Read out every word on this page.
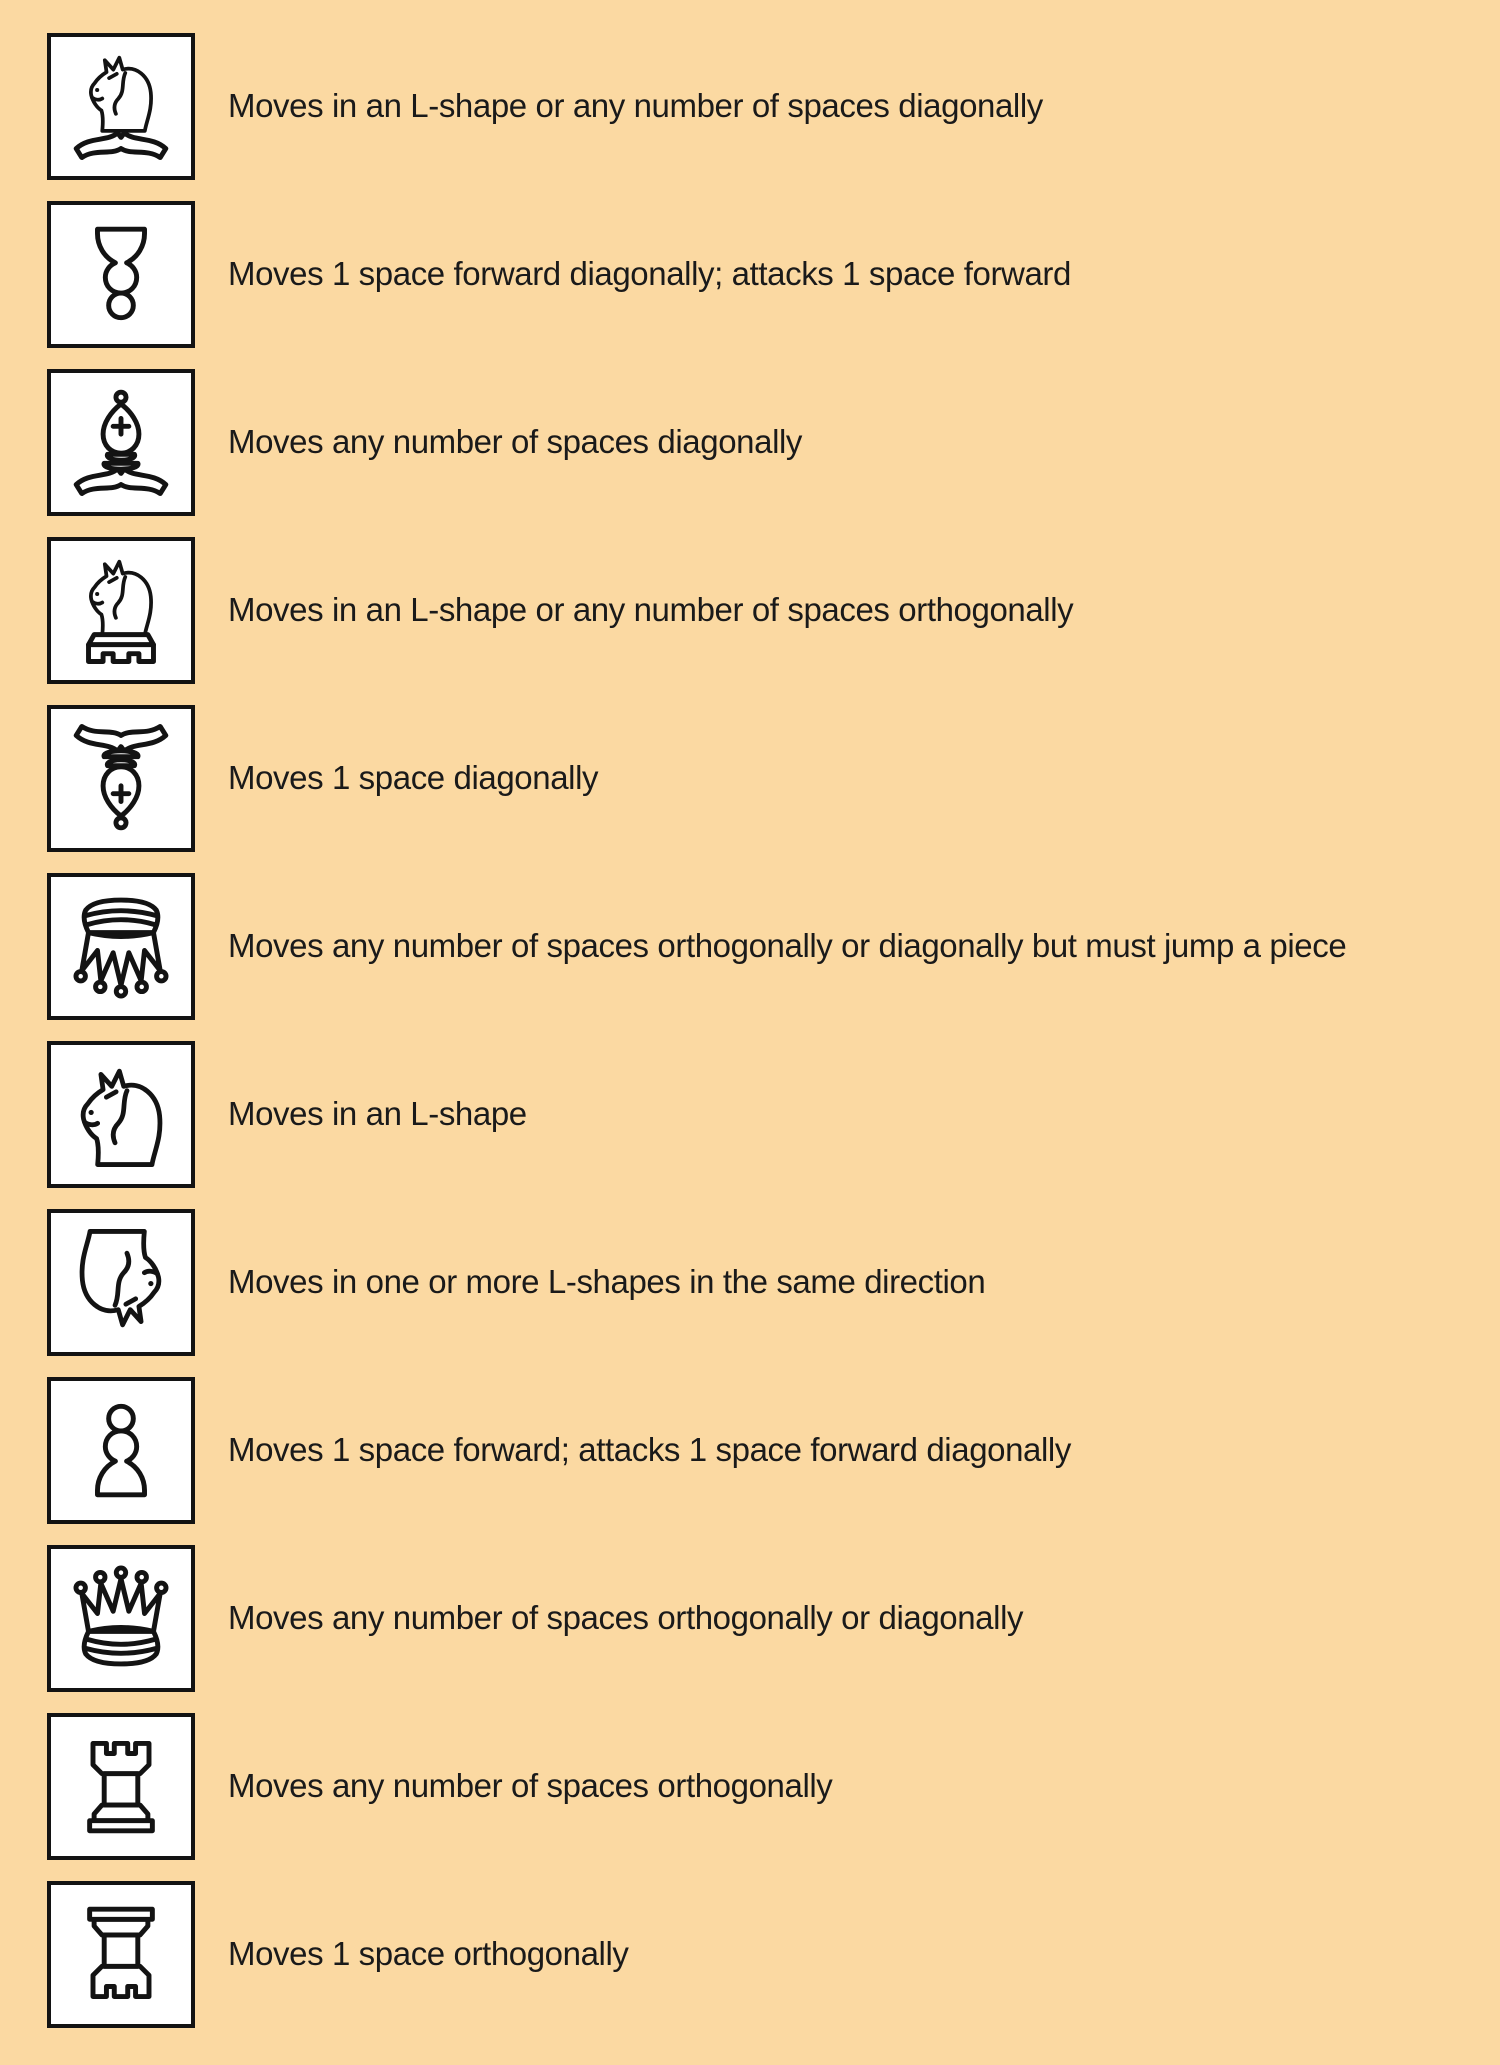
Moves in an L-shape or any number of spaces diagonally
Moves 1 space forward diagonally; attacks 1 space forward
Moves any number of spaces diagonally
Moves in an L-shape or any number of spaces orthogonally
Moves 1 space diagonally
Moves any number of spaces orthogonally or diagonally but must jump a piece
Moves in an L-shape
Moves in one or more L-shapes in the same direction
Moves 1 space forward; attacks 1 space forward diagonally
Moves any number of spaces orthogonally or diagonally
Moves any number of spaces orthogonally
Moves 1 space orthogonally
